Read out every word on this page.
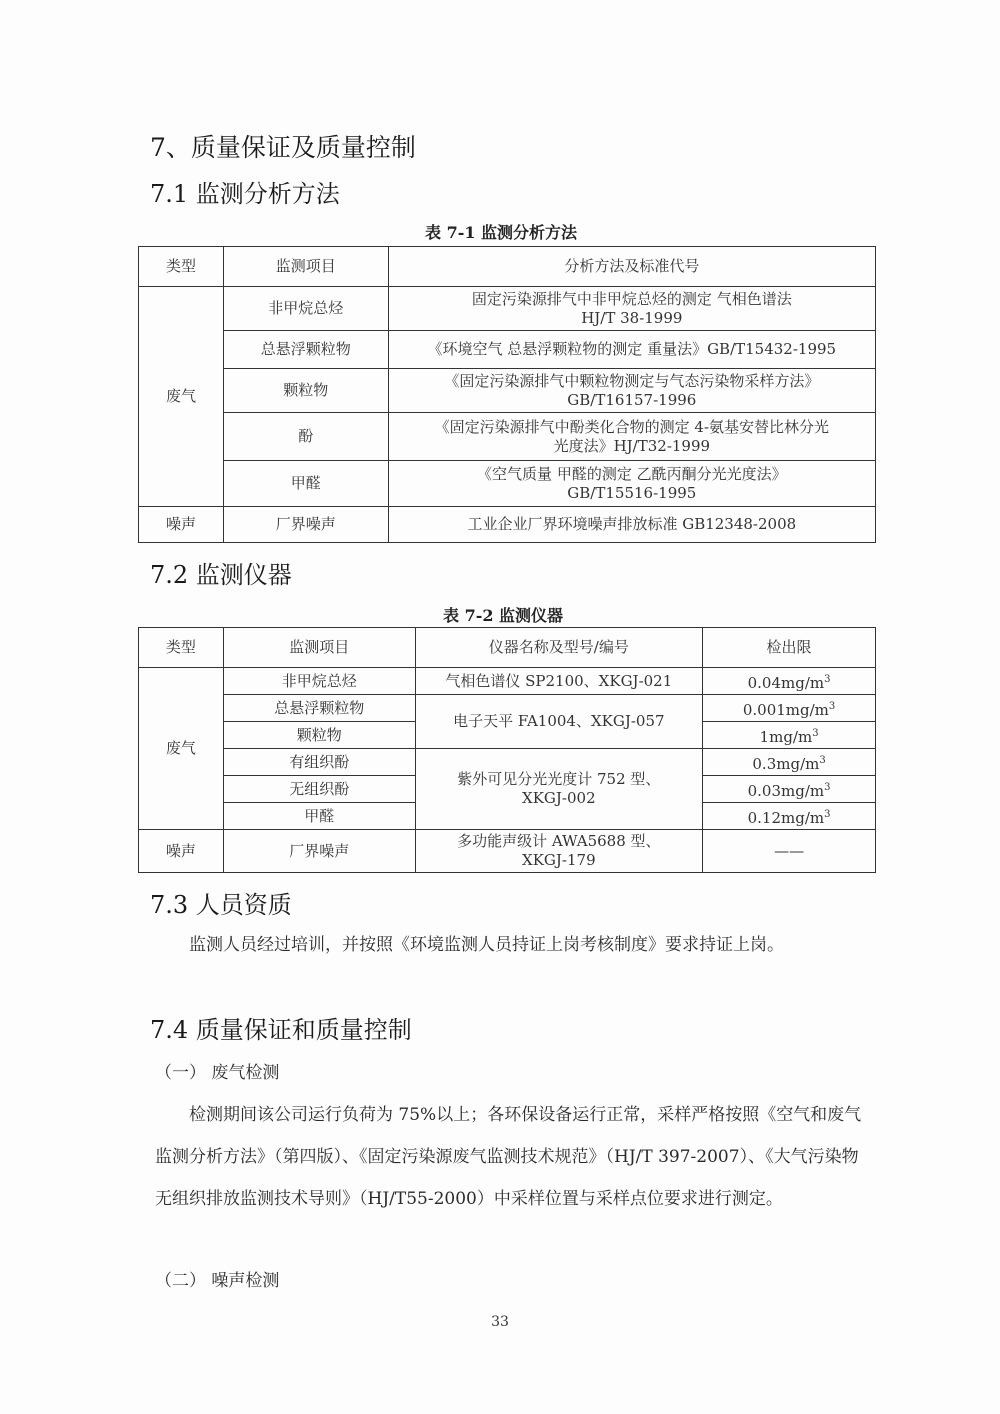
7、质量保证及质量控制
7.1 监测分析方法
表 7-1 监测分析方法
类型	监测项目	分析方法及标准代号
废气	非甲烷总烃	固定污染源排气中非甲烷总烃的测定 气相色谱法
HJ/T 38-1999

	总悬浮颗粒物	《环境空气 总悬浮颗粒物的测定 重量法》GB/T15432-1995

	颗粒物	《固定污染源排气中颗粒物测定与气态污染物采样方法》
GB/T16157-1996

	酚	《固定污染源排气中酚类化合物的测定 4-氨基安替比林分光
光度法》HJ/T32-1999

	甲醛	《空气质量 甲醛的测定 乙酰丙酮分光光度法》
GB/T15516-1995

噪声	厂界噪声	工业企业厂界环境噪声排放标准 GB12348-2008
7.2 监测仪器
表 7-2 监测仪器
类型	监测项目	仪器名称及型号/编号	检出限
废气	非甲烷总烃	气相色谱仪 SP2100、XKGJ-021	$0.04mg/m^3$
	总悬浮颗粒物	电子天平 FA1004、XKGJ-057	$0.001mg/m^3$
	颗粒物		$1mg/m^3$
	有组织酚	紫外可见分光光度计 752 型、
XKGJ-002	$0.3mg/m^3$
	无组织酚		$0.03mg/m^3$
	甲醛		$0.12mg/m^3$
噪声	厂界噪声	多功能声级计 AWA5688 型、
XKGJ-179	——
7.3 人员资质
监测人员经过培训，并按照《环境监测人员持证上岗考核制度》要求持证上岗。
7.4 质量保证和质量控制
（一） 废气检测
检测期间该公司运行负荷为 75%以上；各环保设备运行正常，采样严格按照《空气和废气监测分析方法》（第四版）、《固定污染源废气监测技术规范》（HJ/T 397-2007）、《大气污染物无组织排放监测技术导则》（HJ/T55-2000）中采样位置与采样点位要求进行测定。
（二） 噪声检测
33
